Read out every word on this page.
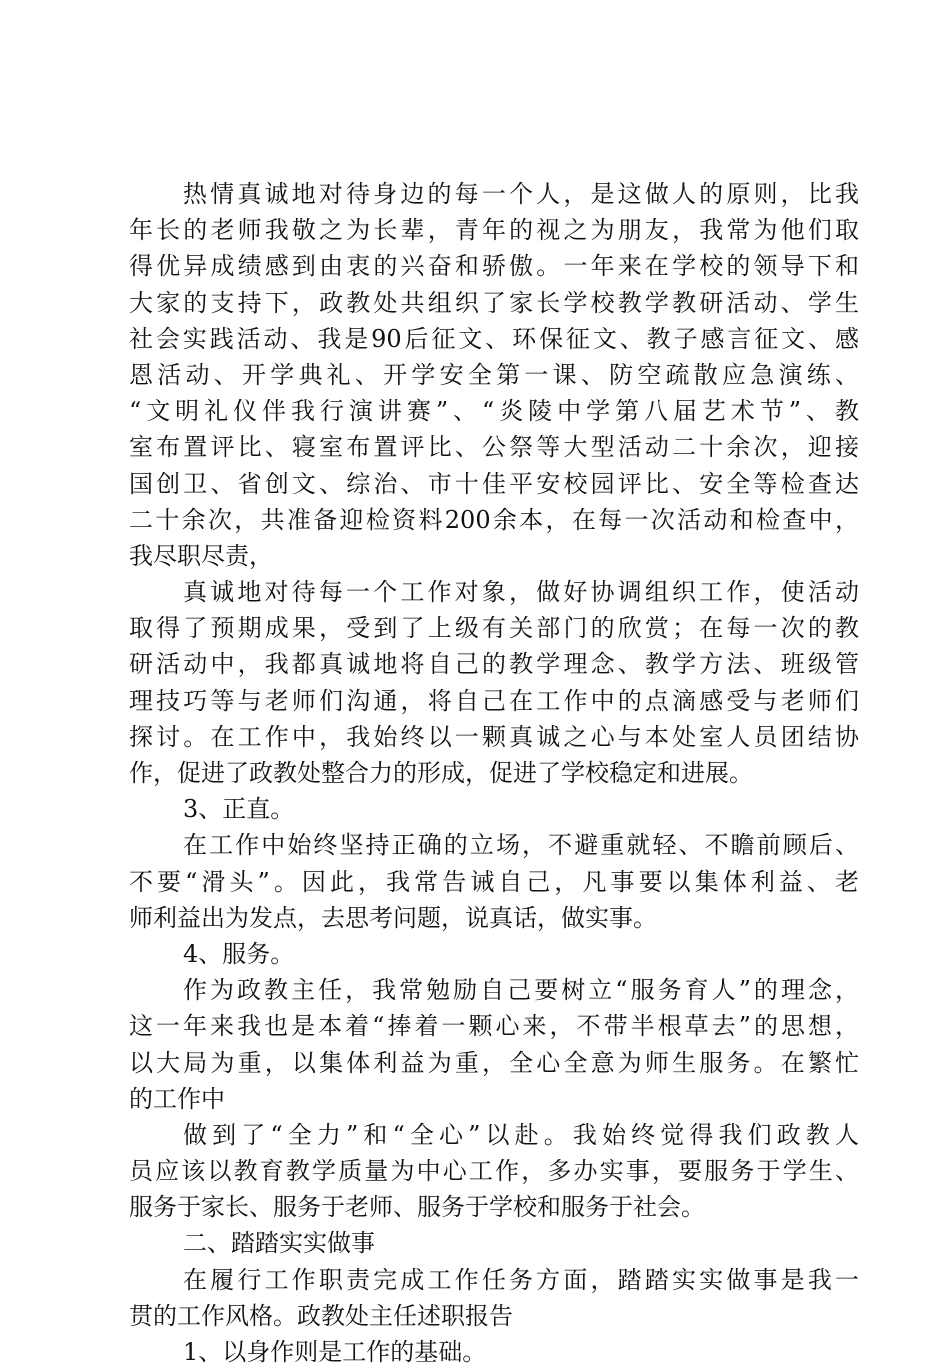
热情真诚地对待身边的每一个人，是这做人的原则，比我
年长的老师我敬之为长辈，青年的视之为朋友，我常为他们取
得优异成绩感到由衷的兴奋和骄傲。一年来在学校的领导下和
大家的支持下，政教处共组织了家长学校教学教研活动、学生
社会实践活动、我是90后征文、环保征文、教子感言征文、感
恩活动、开学典礼、开学安全第一课、防空疏散应急演练、
“文明礼仪伴我行演讲赛”、“炎陵中学第八届艺术节”、教
室布置评比、寝室布置评比、公祭等大型活动二十余次，迎接
国创卫、省创文、综治、市十佳平安校园评比、安全等检查达
二十余次，共准备迎检资料200余本，在每一次活动和检查中，
我尽职尽责，
真诚地对待每一个工作对象，做好协调组织工作，使活动
取得了预期成果，受到了上级有关部门的欣赏；在每一次的教
研活动中，我都真诚地将自己的教学理念、教学方法、班级管
理技巧等与老师们沟通，将自己在工作中的点滴感受与老师们
探讨。在工作中，我始终以一颗真诚之心与本处室人员团结协
作，促进了政教处整合力的形成，促进了学校稳定和进展。
3、正直。
在工作中始终坚持正确的立场，不避重就轻、不瞻前顾后、
不要“滑头”。因此，我常告诫自己，凡事要以集体利益、老
师利益出为发点，去思考问题，说真话，做实事。
4、服务。
作为政教主任，我常勉励自己要树立“服务育人”的理念，
这一年来我也是本着“捧着一颗心来，不带半根草去”的思想，
以大局为重，以集体利益为重，全心全意为师生服务。在繁忙
的工作中
做到了“全力”和“全心”以赴。我始终觉得我们政教人
员应该以教育教学质量为中心工作，多办实事，要服务于学生、
服务于家长、服务于老师、服务于学校和服务于社会。
二、踏踏实实做事
在履行工作职责完成工作任务方面，踏踏实实做事是我一
贯的工作风格。政教处主任述职报告
1、以身作则是工作的基础。
